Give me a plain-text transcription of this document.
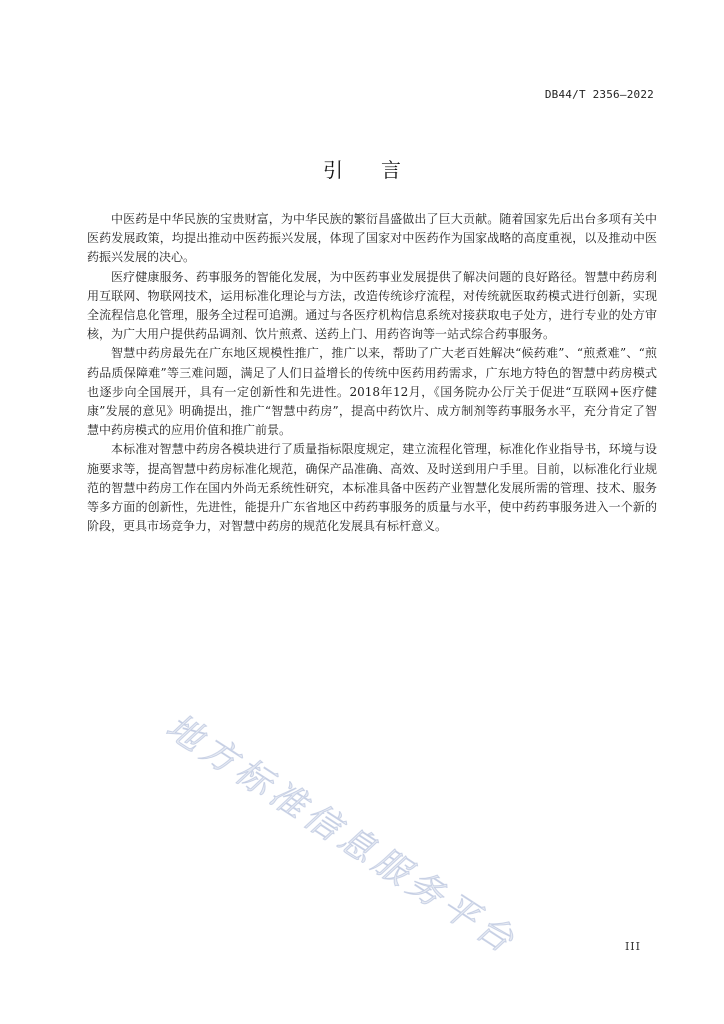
DB44/T 2356—2022
引言

中医药是中华民族的宝贵财富，为中华民族的繁衍昌盛做出了巨大贡献。随着国家先后出台多项有关中医药发展政策，均提出推动中医药振兴发展，体现了国家对中医药作为国家战略的高度重视，以及推动中医药振兴发展的决心。

医疗健康服务、药事服务的智能化发展，为中医药事业发展提供了解决问题的良好路径。智慧中药房利用互联网、物联网技术，运用标准化理论与方法，改造传统诊疗流程，对传统就医取药模式进行创新，实现全流程信息化管理，服务全过程可追溯。通过与各医疗机构信息系统对接获取电子处方，进行专业的处方审核，为广大用户提供药品调剂、饮片煎煮、送药上门、用药咨询等一站式综合药事服务。

智慧中药房最先在广东地区规模性推广，推广以来，帮助了广大老百姓解决“候药难”、“煎煮难”、“煎药品质保障难”等三难问题，满足了人们日益增长的传统中医药用药需求，广东地方特色的智慧中药房模式也逐步向全国展开，具有一定创新性和先进性。2018年12月，《国务院办公厅关于促进“互联网+医疗健康”发展的意见》明确提出，推广“智慧中药房”，提高中药饮片、成方制剂等药事服务水平，充分肯定了智慧中药房模式的应用价值和推广前景。

本标准对智慧中药房各模块进行了质量指标限度规定，建立流程化管理，标准化作业指导书，环境与设施要求等，提高智慧中药房标准化规范，确保产品准确、高效、及时送到用户手里。目前，以标准化行业规范的智慧中药房工作在国内外尚无系统性研究，本标准具备中医药产业智慧化发展所需的管理、技术、服务等多方面的创新性，先进性，能提升广东省地区中药药事服务的质量与水平，使中药药事服务进入一个新的阶段，更具市场竞争力，对智慧中药房的规范化发展具有标杆意义。

地方标准信息服务平台	III
